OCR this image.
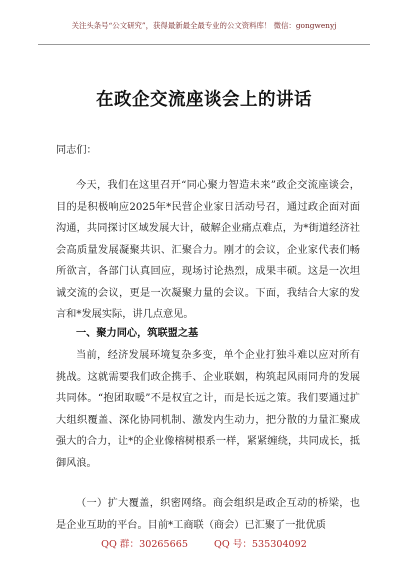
关注头条号“公文研究”，获得最新最全最专业的公文资料库！ 微信：gongwenyj
在政企交流座谈会上的讲话
同志们：
今天，我们在这里召开“同心聚力智造未来”政企交流座谈会，目的是积极响应2025年*民营企业家日活动号召，通过政企面对面沟通，共同探讨区域发展大计，破解企业痛点难点，为*街道经济社会高质量发展凝聚共识、汇聚合力。刚才的会议，企业家代表们畅所欲言，各部门认真回应，现场讨论热烈，成果丰硕。这是一次坦诚交流的会议，更是一次凝聚力量的会议。下面，我结合大家的发言和*发展实际，讲几点意见。
一、聚力同心，筑联盟之基
当前，经济发展环境复杂多变，单个企业打独斗难以应对所有挑战。这就需要我们政企携手、企业联姻，构筑起风雨同舟的发展共同体。“抱团取暖”不是权宜之计，而是长远之策。我们要通过扩大组织覆盖、深化协同机制、激发内生动力，把分散的力量汇聚成强大的合力，让*的企业像榕树根系一样，紧紧缠绕，共同成长，抵御风浪。
（一）扩大覆盖，织密网络。商会组织是政企互动的桥梁，也是企业互助的平台。目前*工商联（商会）已汇聚了一批优质
QQ 群：30265665	QQ 号：535304092
